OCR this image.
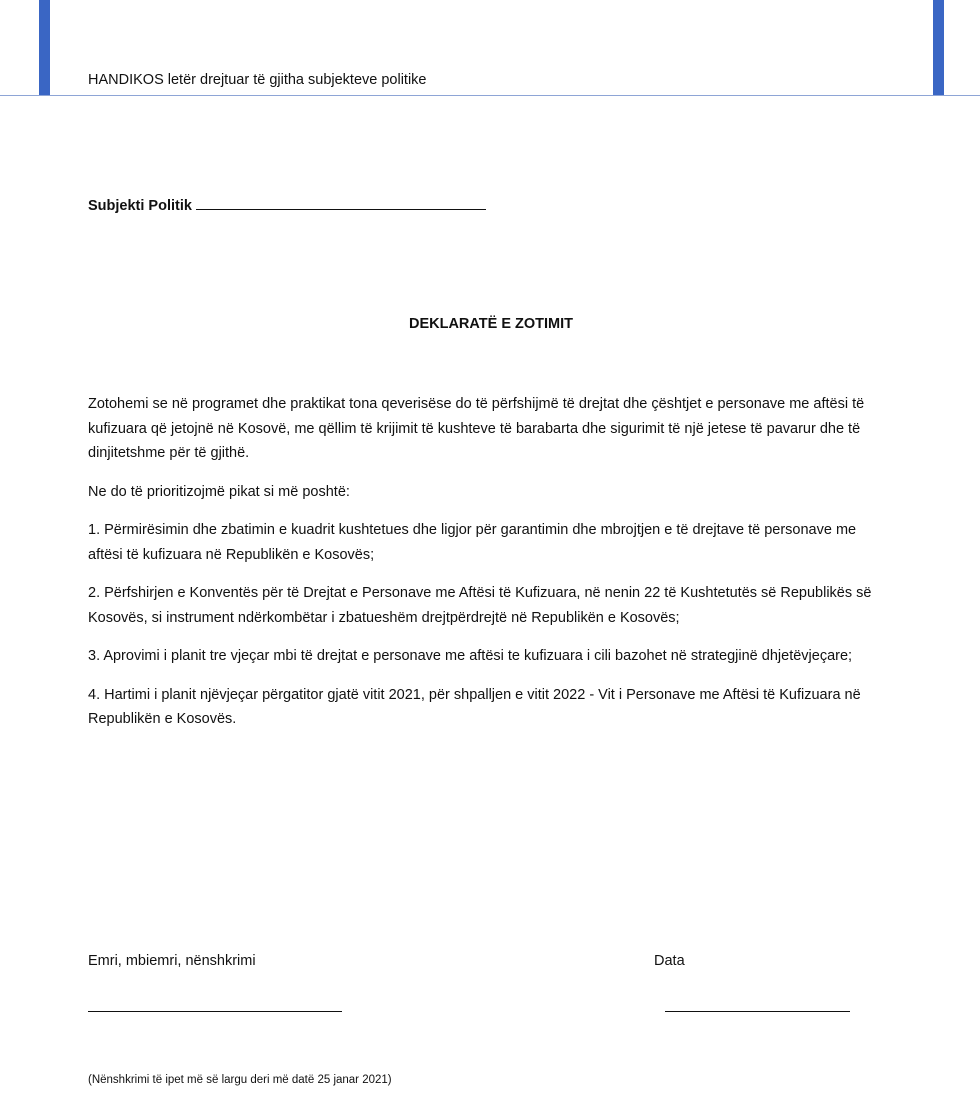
HANDIKOS letër drejtuar të gjitha subjekteve politike
Subjekti Politik
DEKLARATË E ZOTIMIT

Zotohemi se në programet dhe praktikat tona qeverisëse do të përfshijmë të drejtat dhe çështjet e personave me aftësi të kufizuara që jetojnë në Kosovë, me qëllim të krijimit të kushteve të barabarta dhe sigurimit të një jetese të pavarur dhe të dinjitetshme për të gjithë.

Ne do të prioritizojmë pikat si më poshtë:

1. Përmirësimin dhe zbatimin e kuadrit kushtetues dhe ligjor për garantimin dhe mbrojtjen e të drejtave të personave me aftësi të kufizuara në Republikën e Kosovës;

2. Përfshirjen e Konventës për të Drejtat e Personave me Aftësi të Kufizuara, në nenin 22 të Kushtetutës së Republikës së Kosovës, si instrument ndërkombëtar i zbatueshëm drejtpërdrejtë në Republikën e Kosovës;

3. Aprovimi i planit tre vjeçar mbi të drejtat e personave me aftësi te kufizuara i cili bazohet në strategjinë dhjetëvjeçare;

4. Hartimi i planit njëvjeçar përgatitor gjatë vitit 2021, për shpalljen e vitit 2022 - Vit i Personave me Aftësi të Kufizuara në Republikën e Kosovës.

Emri, mbiemri, nënshkrimi	Data
(Nënshkrimi të ipet më së largu deri më datë 25 janar 2021)
